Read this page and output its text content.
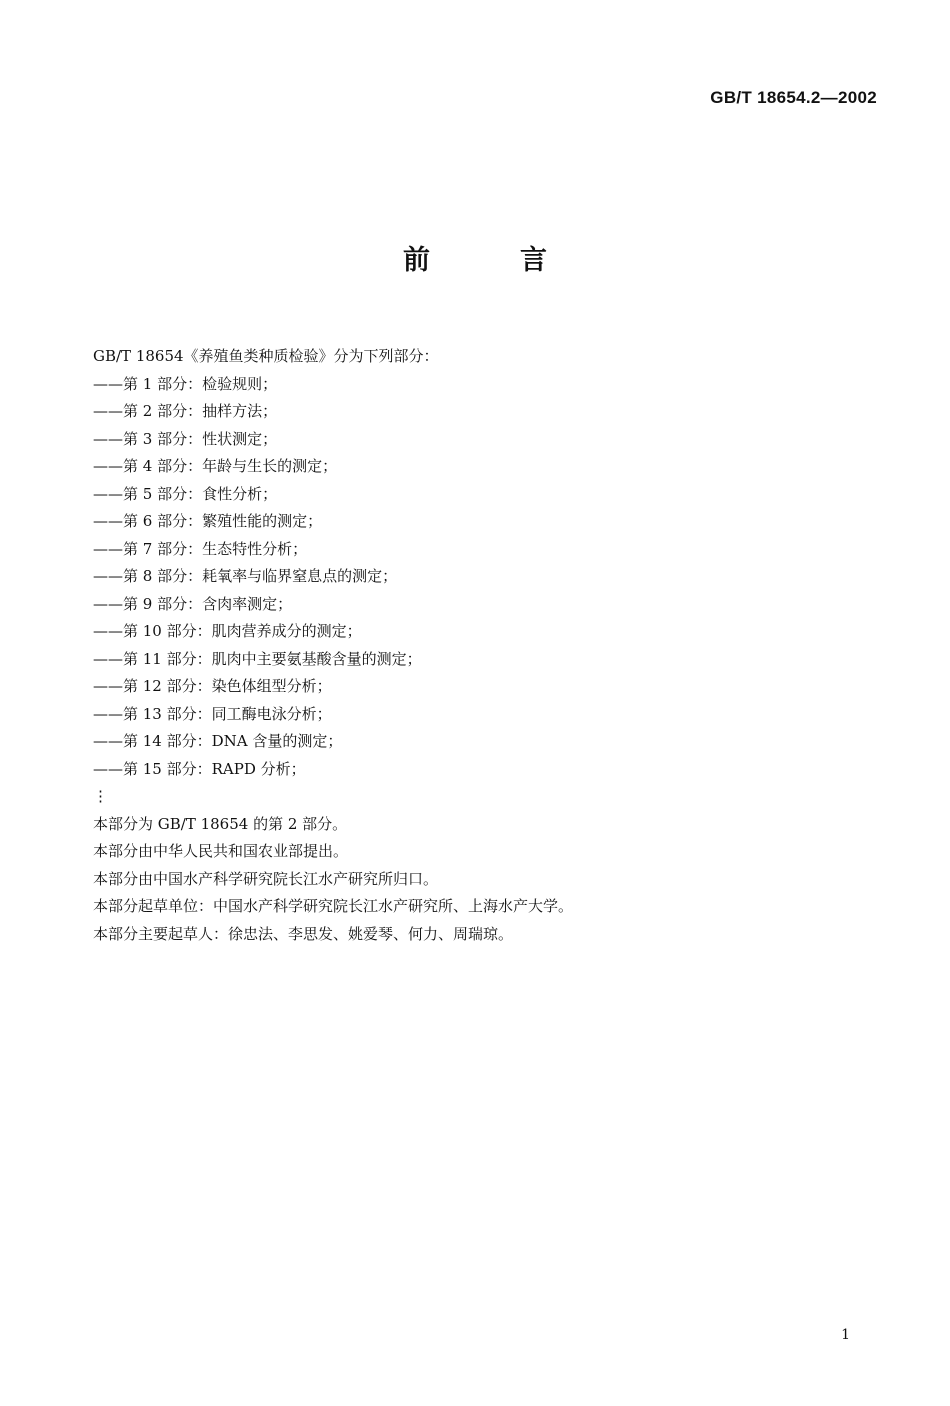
GB/T 18654.2—2002
前言
GB/T 18654《养殖鱼类种质检验》分为下列部分：
——第 1 部分：检验规则；
——第 2 部分：抽样方法；
——第 3 部分：性状测定；
——第 4 部分：年龄与生长的测定；
——第 5 部分：食性分析；
——第 6 部分：繁殖性能的测定；
——第 7 部分：生态特性分析；
——第 8 部分：耗氧率与临界窒息点的测定；
——第 9 部分：含肉率测定；
——第 10 部分：肌肉营养成分的测定；
——第 11 部分：肌肉中主要氨基酸含量的测定；
——第 12 部分：染色体组型分析；
——第 13 部分：同工酶电泳分析；
——第 14 部分：DNA 含量的测定；
——第 15 部分：RAPD 分析；
⋮
本部分为 GB/T 18654 的第 2 部分。
本部分由中华人民共和国农业部提出。
本部分由中国水产科学研究院长江水产研究所归口。
本部分起草单位：中国水产科学研究院长江水产研究所、上海水产大学。
本部分主要起草人：徐忠法、李思发、姚爱琴、何力、周瑞琼。
1
